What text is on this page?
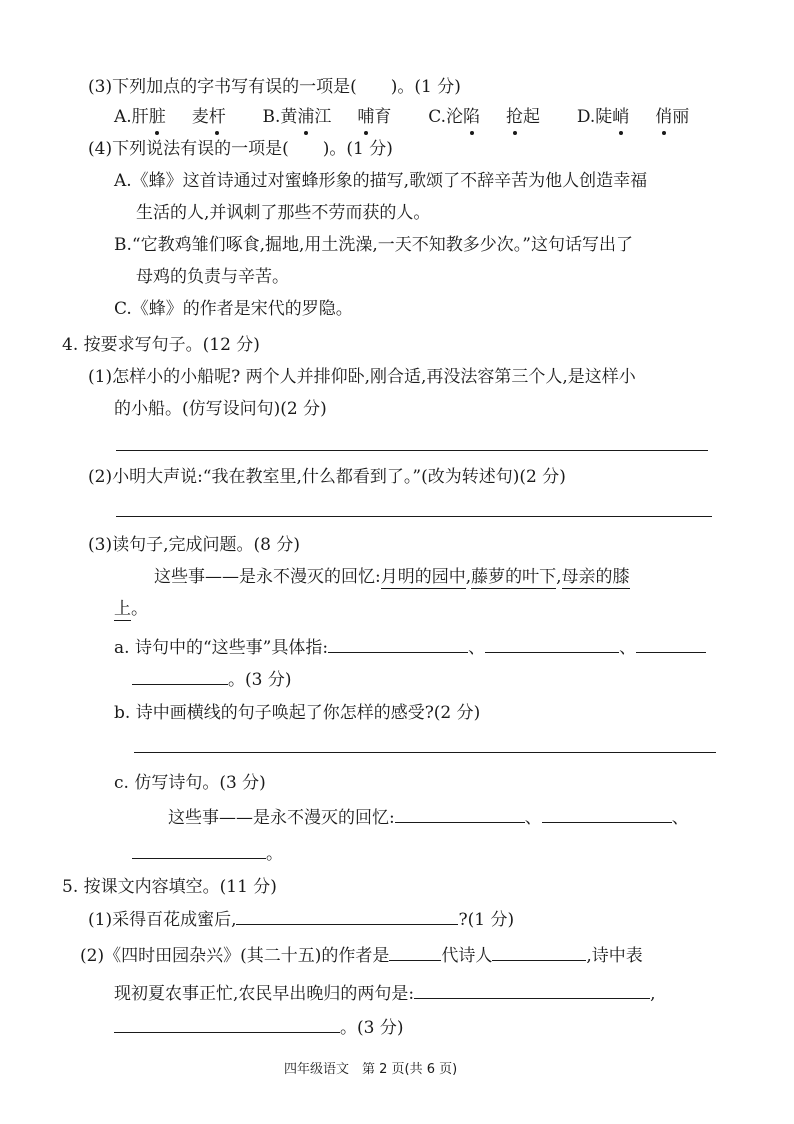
(3)下列加点的字书写有误的一项是(　　)。(1 分)
A.肝脏 麦杆 B.黄浦江 哺育 C.沦陷 抢起 D.陡峭 俏丽
(4)下列说法有误的一项是(　　)。(1 分)
A.《蜂》这首诗通过对蜜蜂形象的描写,歌颂了不辞辛苦为他人创造幸福
生活的人,并讽刺了那些不劳而获的人。
B.“它教鸡雏们啄食,掘地,用土洗澡,一天不知教多少次。”这句话写出了
母鸡的负责与辛苦。
C.《蜂》的作者是宋代的罗隐。
4. 按要求写句子。(12 分)
(1)怎样小的小船呢? 两个人并排仰卧,刚合适,再没法容第三个人,是这样小
的小船。(仿写设问句)(2 分)
(2)小明大声说:“我在教室里,什么都看到了。”(改为转述句)(2 分)
(3)读句子,完成问题。(8 分)
这些事——是永不漫灭的回忆:月明的园中,藤萝的叶下,母亲的膝
上。
a. 诗句中的“这些事”具体指:	、	、
。(3 分)
b. 诗中画横线的句子唤起了你怎样的感受?(2 分)
c. 仿写诗句。(3 分)
这些事——是永不漫灭的回忆:	、	、
。
5. 按课文内容填空。(11 分)
(1)采得百花成蜜后,	?(1 分)
(2)《四时田园杂兴》(其二十五)的作者是	代诗人	,诗中表
现初夏农事正忙,农民早出晚归的两句是:	,
。(3 分)
四年级语文　第 2 页(共 6 页)
